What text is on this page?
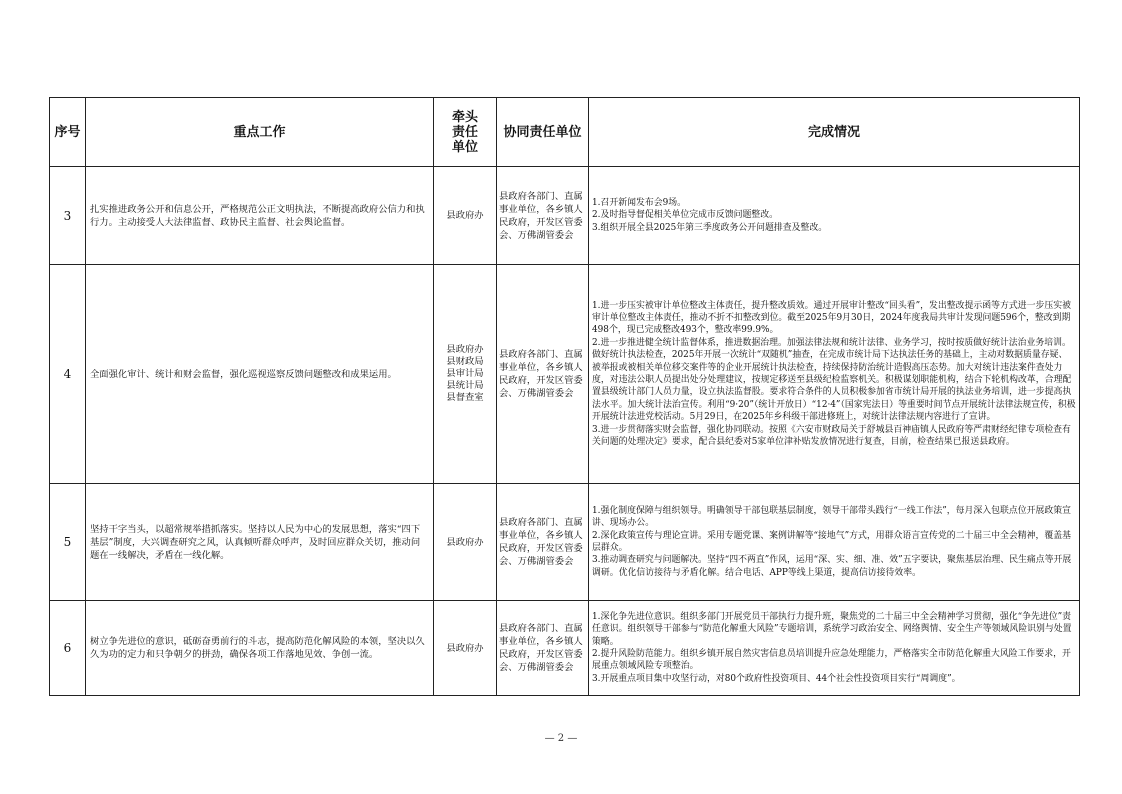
序号	重点工作	牵头责任单位	协同责任单位	完成情况
3	扎实推进政务公开和信息公开，严格规范公正文明执法，不断提高政府公信力和执行力。主动接受人大法律监督、政协民主监督、社会舆论监督。	县政府办	县政府各部门、直属事业单位，各乡镇人民政府，开发区管委会、万佛湖管委会	1.召开新闻发布会9场。
2.及时指导督促相关单位完成市反馈问题整改。
3.组织开展全县2025年第三季度政务公开问题排查及整改。

4	全面强化审计、统计和财会监督，强化巡视巡察反馈问题整改和成果运用。	县政府办县财政局县审计局县统计局县督查室	县政府各部门、直属事业单位，各乡镇人民政府，开发区管委会、万佛湖管委会	1.进一步压实被审计单位整改主体责任，提升整改质效。通过开展审计整改“回头看”，发出整改提示函等方式进一步压实被审计单位整改主体责任，推动不折不扣整改到位。截至2025年9月30日，2024年度我局共审计发现问题596个，整改到期498个，现已完成整改493个，整改率99.9%。
2.进一步推进健全统计监督体系，推进数据治理。加强法律法规和统计法律、业务学习，按时按质做好统计法治业务培训。做好统计执法检查，2025年开展一次统计“双随机”抽查，在完成市统计局下达执法任务的基础上，主动对数据质量存疑、被举报或被相关单位移交案件等的企业开展统计执法检查，持续保持防治统计造假高压态势。加大对统计违法案件查处力度，对违法公职人员提出处分处理建议，按规定移送至县级纪检监察机关。积极谋划职能机构，结合下轮机构改革，合理配置县级统计部门人员力量，设立执法监督股。要求符合条件的人员积极参加省市统计局开展的执法业务培训，进一步提高执法水平。加大统计法治宣传。利用“9·20”（统计开放日）“12·4”（国家宪法日）等重要时间节点开展统计法律法规宣传，积极开展统计法进党校活动。5月29日，在2025年乡科级干部进修班上，对统计法律法规内容进行了宣讲。
3.进一步贯彻落实财会监督，强化协同联动。按照《六安市财政局关于舒城县百神庙镇人民政府等严肃财经纪律专项检查有关问题的处理决定》要求，配合县纪委对5家单位津补贴发放情况进行复查，目前，检查结果已报送县政府。

5	坚持干字当头，以超常规举措抓落实。坚持以人民为中心的发展思想，落实“四下基层”制度，大兴调查研究之风，认真倾听群众呼声，及时回应群众关切，推动问题在一线解决，矛盾在一线化解。	县政府办	县政府各部门、直属事业单位，各乡镇人民政府，开发区管委会、万佛湖管委会	1.强化制度保障与组织领导。明确领导干部包联基层制度，领导干部带头践行“一线工作法”，每月深入包联点位开展政策宣讲、现场办公。
2.深化政策宣传与理论宣讲。采用专题党课、案例讲解等“接地气”方式，用群众语言宣传党的二十届三中全会精神，覆盖基层群众。
3.推动调查研究与问题解决。坚持“四不两直”作风，运用“深、实、细、准、效”五字要诀，聚焦基层治理、民生痛点等开展调研。优化信访接待与矛盾化解。结合电话、APP等线上渠道，提高信访接待效率。

6	树立争先进位的意识，砥砺奋勇前行的斗志，提高防范化解风险的本领，坚决以久久为功的定力和只争朝夕的拼劲，确保各项工作落地见效、争创一流。	县政府办	县政府各部门、直属事业单位，各乡镇人民政府，开发区管委会、万佛湖管委会	1.深化争先进位意识。组织多部门开展党员干部执行力提升班，聚焦党的二十届三中全会精神学习贯彻，强化“争先进位”责任意识。组织领导干部参与“防范化解重大风险”专题培训，系统学习政治安全、网络舆情、安全生产等领域风险识别与处置策略。
2.提升风险防范能力。组织乡镇开展自然灾害信息员培训提升应急处理能力，严格落实全市防范化解重大风险工作要求，开展重点领域风险专项整治。
3.开展重点项目集中攻坚行动，对80个政府性投资项目、44个社会性投资项目实行“周调度”。
— 2 —
